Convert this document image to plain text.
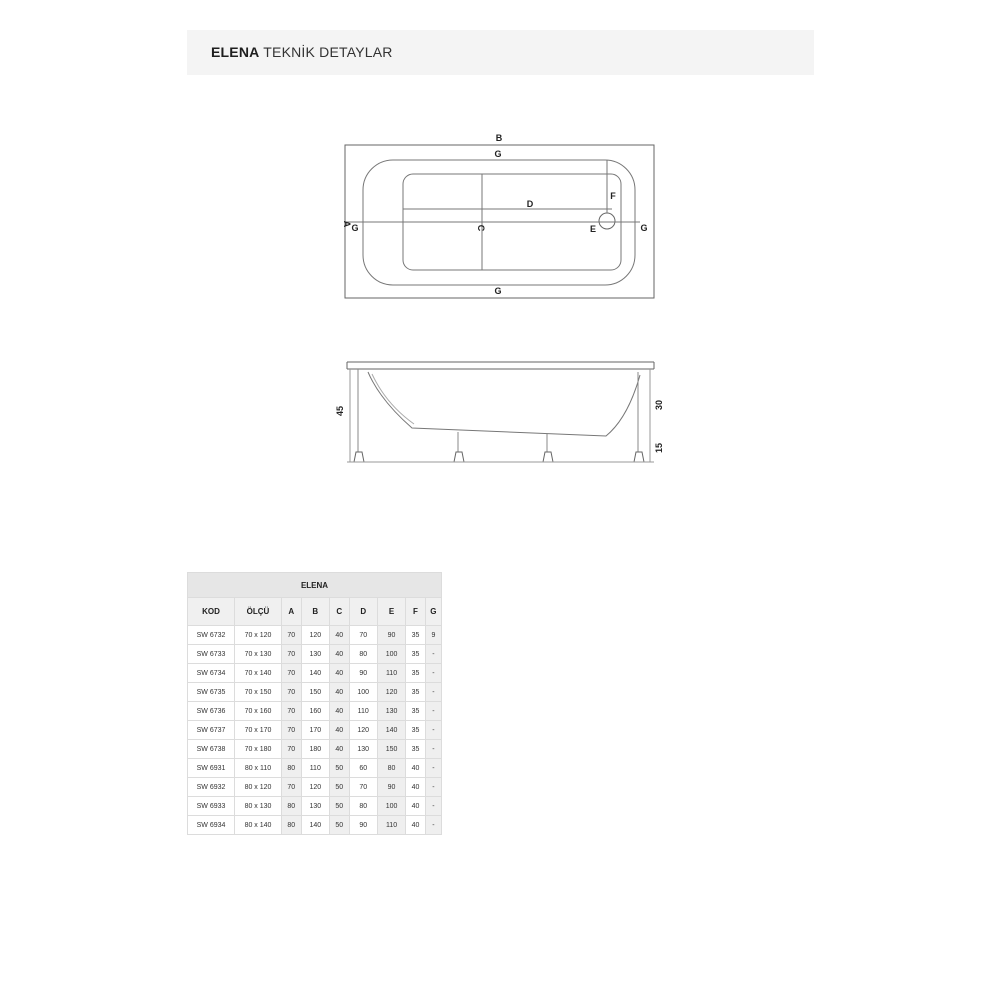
ELENA TEKNİK DETAYLAR
B
G
F
D
A G	C	E	G
G
45
30
15
ELENA								
KOD	ÖLÇÜ	A	B	C	D	E	F	G
SW 6732	70 x 120	70	120	40	70	90	35	9
SW 6733	70 x 130	70	130	40	80	100	35	-
SW 6734	70 x 140	70	140	40	90	110	35	-
SW 6735	70 x 150	70	150	40	100	120	35	-
SW 6736	70 x 160	70	160	40	110	130	35	-
SW 6737	70 x 170	70	170	40	120	140	35	-
SW 6738	70 x 180	70	180	40	130	150	35	-
SW 6931	80 x 110	80	110	50	60	80	40	-
SW 6932	80 x 120	70	120	50	70	90	40	-
SW 6933	80 x 130	80	130	50	80	100	40	-
SW 6934	80 x 140	80	140	50	90	110	40	-
